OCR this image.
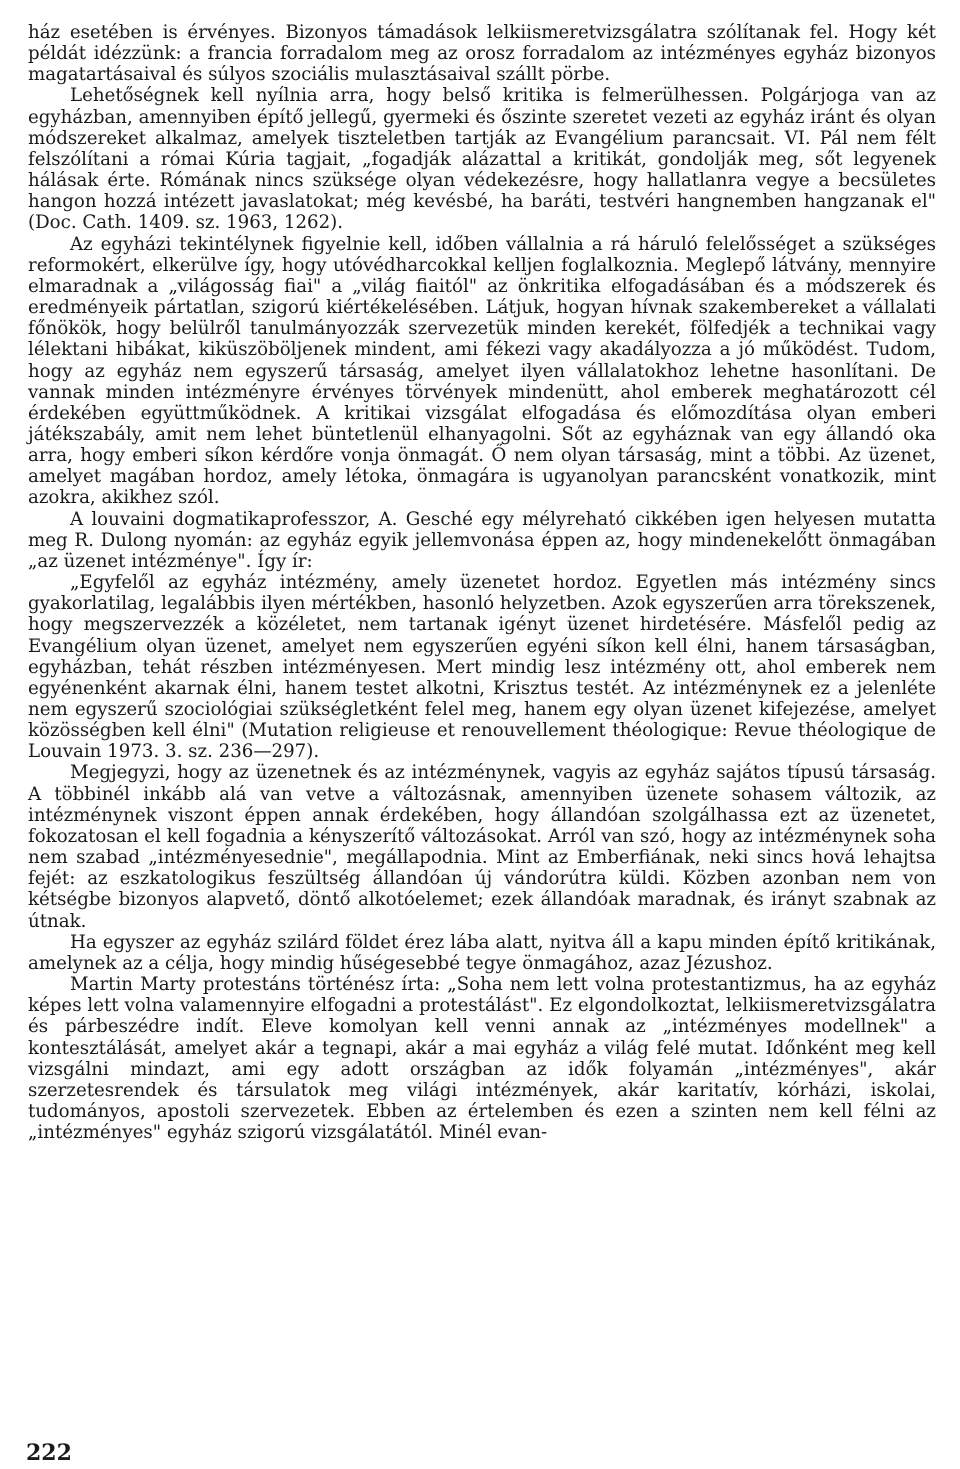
ház esetében is érvényes. Bizonyos támadások lelkiismeretvizsgálatra szólítanak fel. Hogy két példát idézzünk: a francia forradalom meg az orosz forradalom az intézményes egyház bizonyos magatartásaival és súlyos szociális mulasztásaival szállt pörbe.

Lehetőségnek kell nyílnia arra, hogy belső kritika is felmerülhessen. Polgárjoga van az egyházban, amennyiben építő jellegű, gyermeki és őszinte szeretet vezeti az egyház iránt és olyan módszereket alkalmaz, amelyek tiszteletben tartják az Evangélium parancsait. VI. Pál nem félt felszólítani a római Kúria tagjait, „fogadják alázattal a kritikát, gondolják meg, sőt legyenek hálásak érte. Rómának nincs szüksége olyan védekezésre, hogy hallatlanra vegye a becsületes hangon hozzá intézett javaslatokat; még kevésbé, ha baráti, testvéri hangnemben hangzanak el" (Doc. Cath. 1409. sz. 1963, 1262).

Az egyházi tekintélynek figyelnie kell, időben vállalnia a rá háruló felelősséget a szükséges reformokért, elkerülve így, hogy utóvédharcokkal kelljen foglalkoznia. Meglepő látvány, mennyire elmaradnak a „világosság fiai" a „világ fiaitól" az önkritika elfogadásában és a módszerek és eredményeik pártatlan, szigorú kiértékelésében. Látjuk, hogyan hívnak szakembereket a vállalati főnökök, hogy belülről tanulmányozzák szervezetük minden kerekét, fölfedjék a technikai vagy lélektani hibákat, kiküszöböljenek mindent, ami fékezi vagy akadályozza a jó működést. Tudom, hogy az egyház nem egyszerű társaság, amelyet ilyen vállalatokhoz lehetne hasonlítani. De vannak minden intézményre érvényes törvények mindenütt, ahol emberek meghatározott cél érdekében együttműködnek. A kritikai vizsgálat elfogadása és előmozdítása olyan emberi játékszabály, amit nem lehet büntetlenül elhanyagolni. Sőt az egyháznak van egy állandó oka arra, hogy emberi síkon kérdőre vonja önmagát. Ő nem olyan társaság, mint a többi. Az üzenet, amelyet magában hordoz, amely létoka, önmagára is ugyanolyan parancsként vonatkozik, mint azokra, akikhez szól.

A louvaini dogmatikaprofesszor, A. Gesché egy mélyreható cikkében igen helyesen mutatta meg R. Dulong nyomán: az egyház egyik jellemvonása éppen az, hogy mindenekelőtt önmagában „az üzenet intézménye". Így ír:

„Egyfelől az egyház intézmény, amely üzenetet hordoz. Egyetlen más intézmény sincs gyakorlatilag, legalábbis ilyen mértékben, hasonló helyzetben. Azok egyszerűen arra törekszenek, hogy megszervezzék a közéletet, nem tartanak igényt üzenet hirdetésére. Másfelől pedig az Evangélium olyan üzenet, amelyet nem egyszerűen egyéni síkon kell élni, hanem társaságban, egyházban, tehát részben intézményesen. Mert mindig lesz intézmény ott, ahol emberek nem egyénenként akarnak élni, hanem testet alkotni, Krisztus testét. Az intézménynek ez a jelenléte nem egyszerű szociológiai szükségletként felel meg, hanem egy olyan üzenet kifejezése, amelyet közösségben kell élni" (Mutation religieuse et renouvellement théologique: Revue théologique de Louvain 1973. 3. sz. 236—297).

Megjegyzi, hogy az üzenetnek és az intézménynek, vagyis az egyház sajátos típusú társaság. A többinél inkább alá van vetve a változásnak, amennyiben üzenete sohasem változik, az intézménynek viszont éppen annak érdekében, hogy állandóan szolgálhassa ezt az üzenetet, fokozatosan el kell fogadnia a kényszerítő változásokat. Arról van szó, hogy az intézménynek soha nem szabad „intézményesednie", megállapodnia. Mint az Emberfiának, neki sincs hová lehajtsa fejét: az eszkatologikus feszültség állandóan új vándorútra küldi. Közben azonban nem von kétségbe bizonyos alapvető, döntő alkotóelemet; ezek állandóak maradnak, és irányt szabnak az útnak.

Ha egyszer az egyház szilárd földet érez lába alatt, nyitva áll a kapu minden építő kritikának, amelynek az a célja, hogy mindig hűségesebbé tegye önmagához, azaz Jézushoz.

Martin Marty protestáns történész írta: „Soha nem lett volna protestantizmus, ha az egyház képes lett volna valamennyire elfogadni a protestálást". Ez elgondolkoztat, lelkiismeretvizsgálatra és párbeszédre indít. Eleve komolyan kell venni annak az „intézményes modellnek" a kontesztálását, amelyet akár a tegnapi, akár a mai egyház a világ felé mutat. Időnként meg kell vizsgálni mindazt, ami egy adott országban az idők folyamán „intézményes", akár szerzetesrendek és társulatok meg világi intézmények, akár karitatív, kórházi, iskolai, tudományos, apostoli szervezetek. Ebben az értelemben és ezen a szinten nem kell félni az „intézményes" egyház szigorú vizsgálatától. Minél evan-

222
